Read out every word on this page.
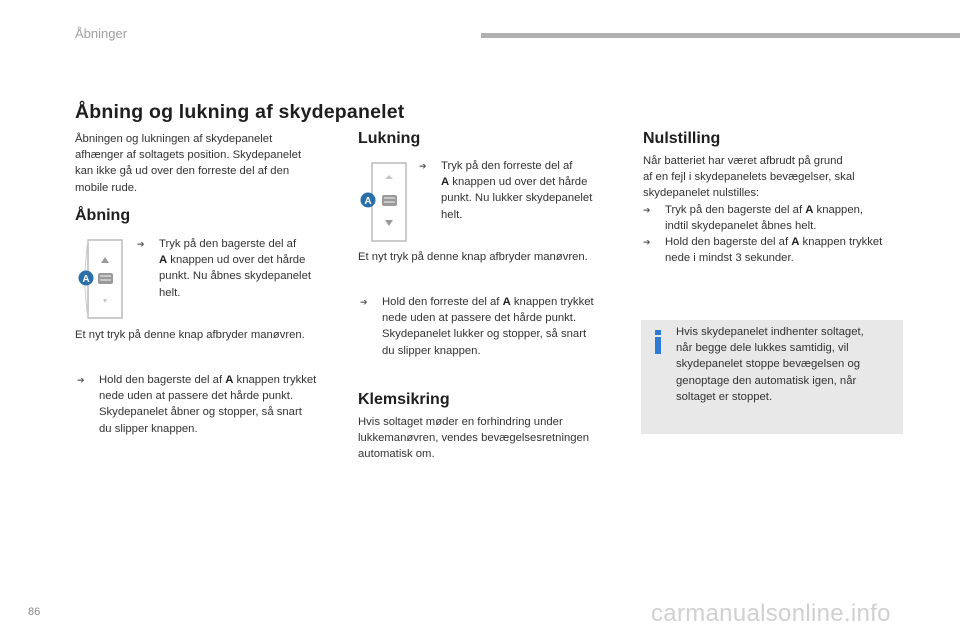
Åbninger
Åbning og lukning af skydepanelet
Åbningen og lukningen af skydepanelet
afhænger af soltagets position. Skydepanelet
kan ikke gå ud over den forreste del af den
mobile rude.
Åbning
A
➔ Tryk på den bagerste del af
A knappen ud over det hårde
punkt. Nu åbnes skydepanelet
helt.
Et nyt tryk på denne knap afbryder manøvren.
➔ Hold den bagerste del af A knappen trykket
nede uden at passere det hårde punkt.
Skydepanelet åbner og stopper, så snart
du slipper knappen.
Lukning
A
➔ Tryk på den forreste del af
A knappen ud over det hårde
punkt. Nu lukker skydepanelet
helt.
Et nyt tryk på denne knap afbryder manøvren.
➔ Hold den forreste del af A knappen trykket
nede uden at passere det hårde punkt.
Skydepanelet lukker og stopper, så snart
du slipper knappen.
Klemsikring
Hvis soltaget møder en forhindring under
lukkemanøvren, vendes bevægelsesretningen
automatisk om.
Nulstilling
Når batteriet har været afbrudt på grund
af en fejl i skydepanelets bevægelser, skal
skydepanelet nulstilles:
➔ Tryk på den bagerste del af A knappen,
indtil skydepanelet åbnes helt.
➔ Hold den bagerste del af A knappen trykket
nede i mindst 3 sekunder.
Hvis skydepanelet indhenter soltaget,
når begge dele lukkes samtidig, vil
skydepanelet stoppe bevægelsen og
genoptage den automatisk igen, når
soltaget er stoppet.
86	carmanualsonline.info
